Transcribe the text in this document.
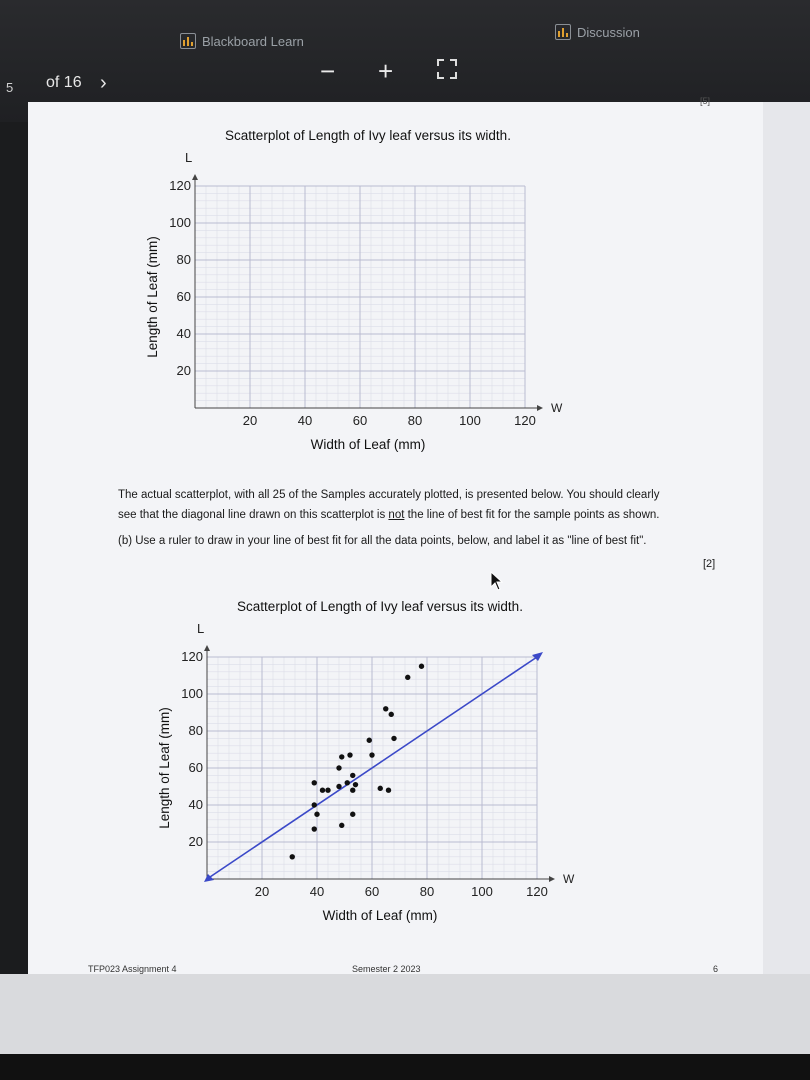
Blackboard Learn
Discussion
5 of 16 ›	− +
[5]
20	40	60	80	100	120
20
40
60
80
100
120
W
L
Scatterplot of Length of Ivy leaf versus its width.
Width of Leaf (mm)
Length of Leaf (mm)
The actual scatterplot, with all 25 of the Samples accurately plotted, is presented below. You should clearly
see that the diagonal line drawn on this scatterplot is not the line of best fit for the sample points as shown.
(b) Use a ruler to draw in your line of best fit for all the data points, below, and label it as "line of best fit".
[2]
20	40	60	80	100	120
20
40
60
80
100
120
W
L
Scatterplot of Length of Ivy leaf versus its width.
Width of Leaf (mm)
Length of Leaf (mm)
TFP023 Assignment 4	Semester 2 2023	6
